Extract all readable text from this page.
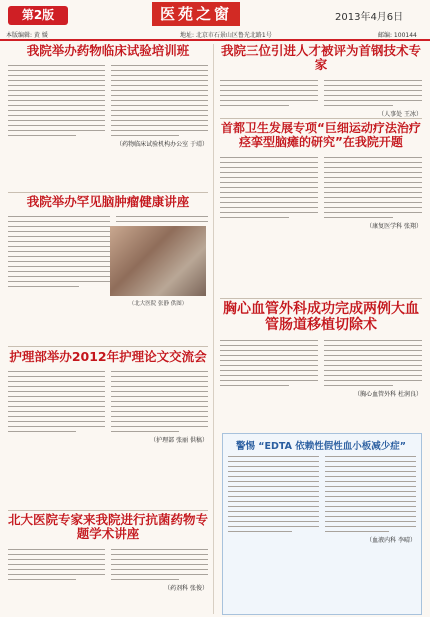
第2版	医苑之窗	2013年4月6日
本版编辑: 黄 媛	地址: 北京市石景山区鲁光北路1号	邮编: 100144
我院举办药物临床试验培训班
（药物临床试验机构办公室 于靖）
我院举办罕见脑肿瘤健康讲座
（北大医院 张静 供图）
护理部举办2012年护理论文交流会
（护理部 张丽 供稿）
北大医院专家来我院进行抗菌药物专题学术讲座
（药剂科 张俊）
我院三位引进人才被评为首钢技术专家
（人事处 王冰）
首都卫生发展专项“巨细运动疗法治疗痉挛型脑瘫的研究”在我院开题
（康复医学科 张翔）
胸心血管外科成功完成两例大血管肠道移植切除术
（胸心血管外科 杜润良）
警惕 “EDTA 依赖性假性血小板减少症”
（血液内科 李晴）
